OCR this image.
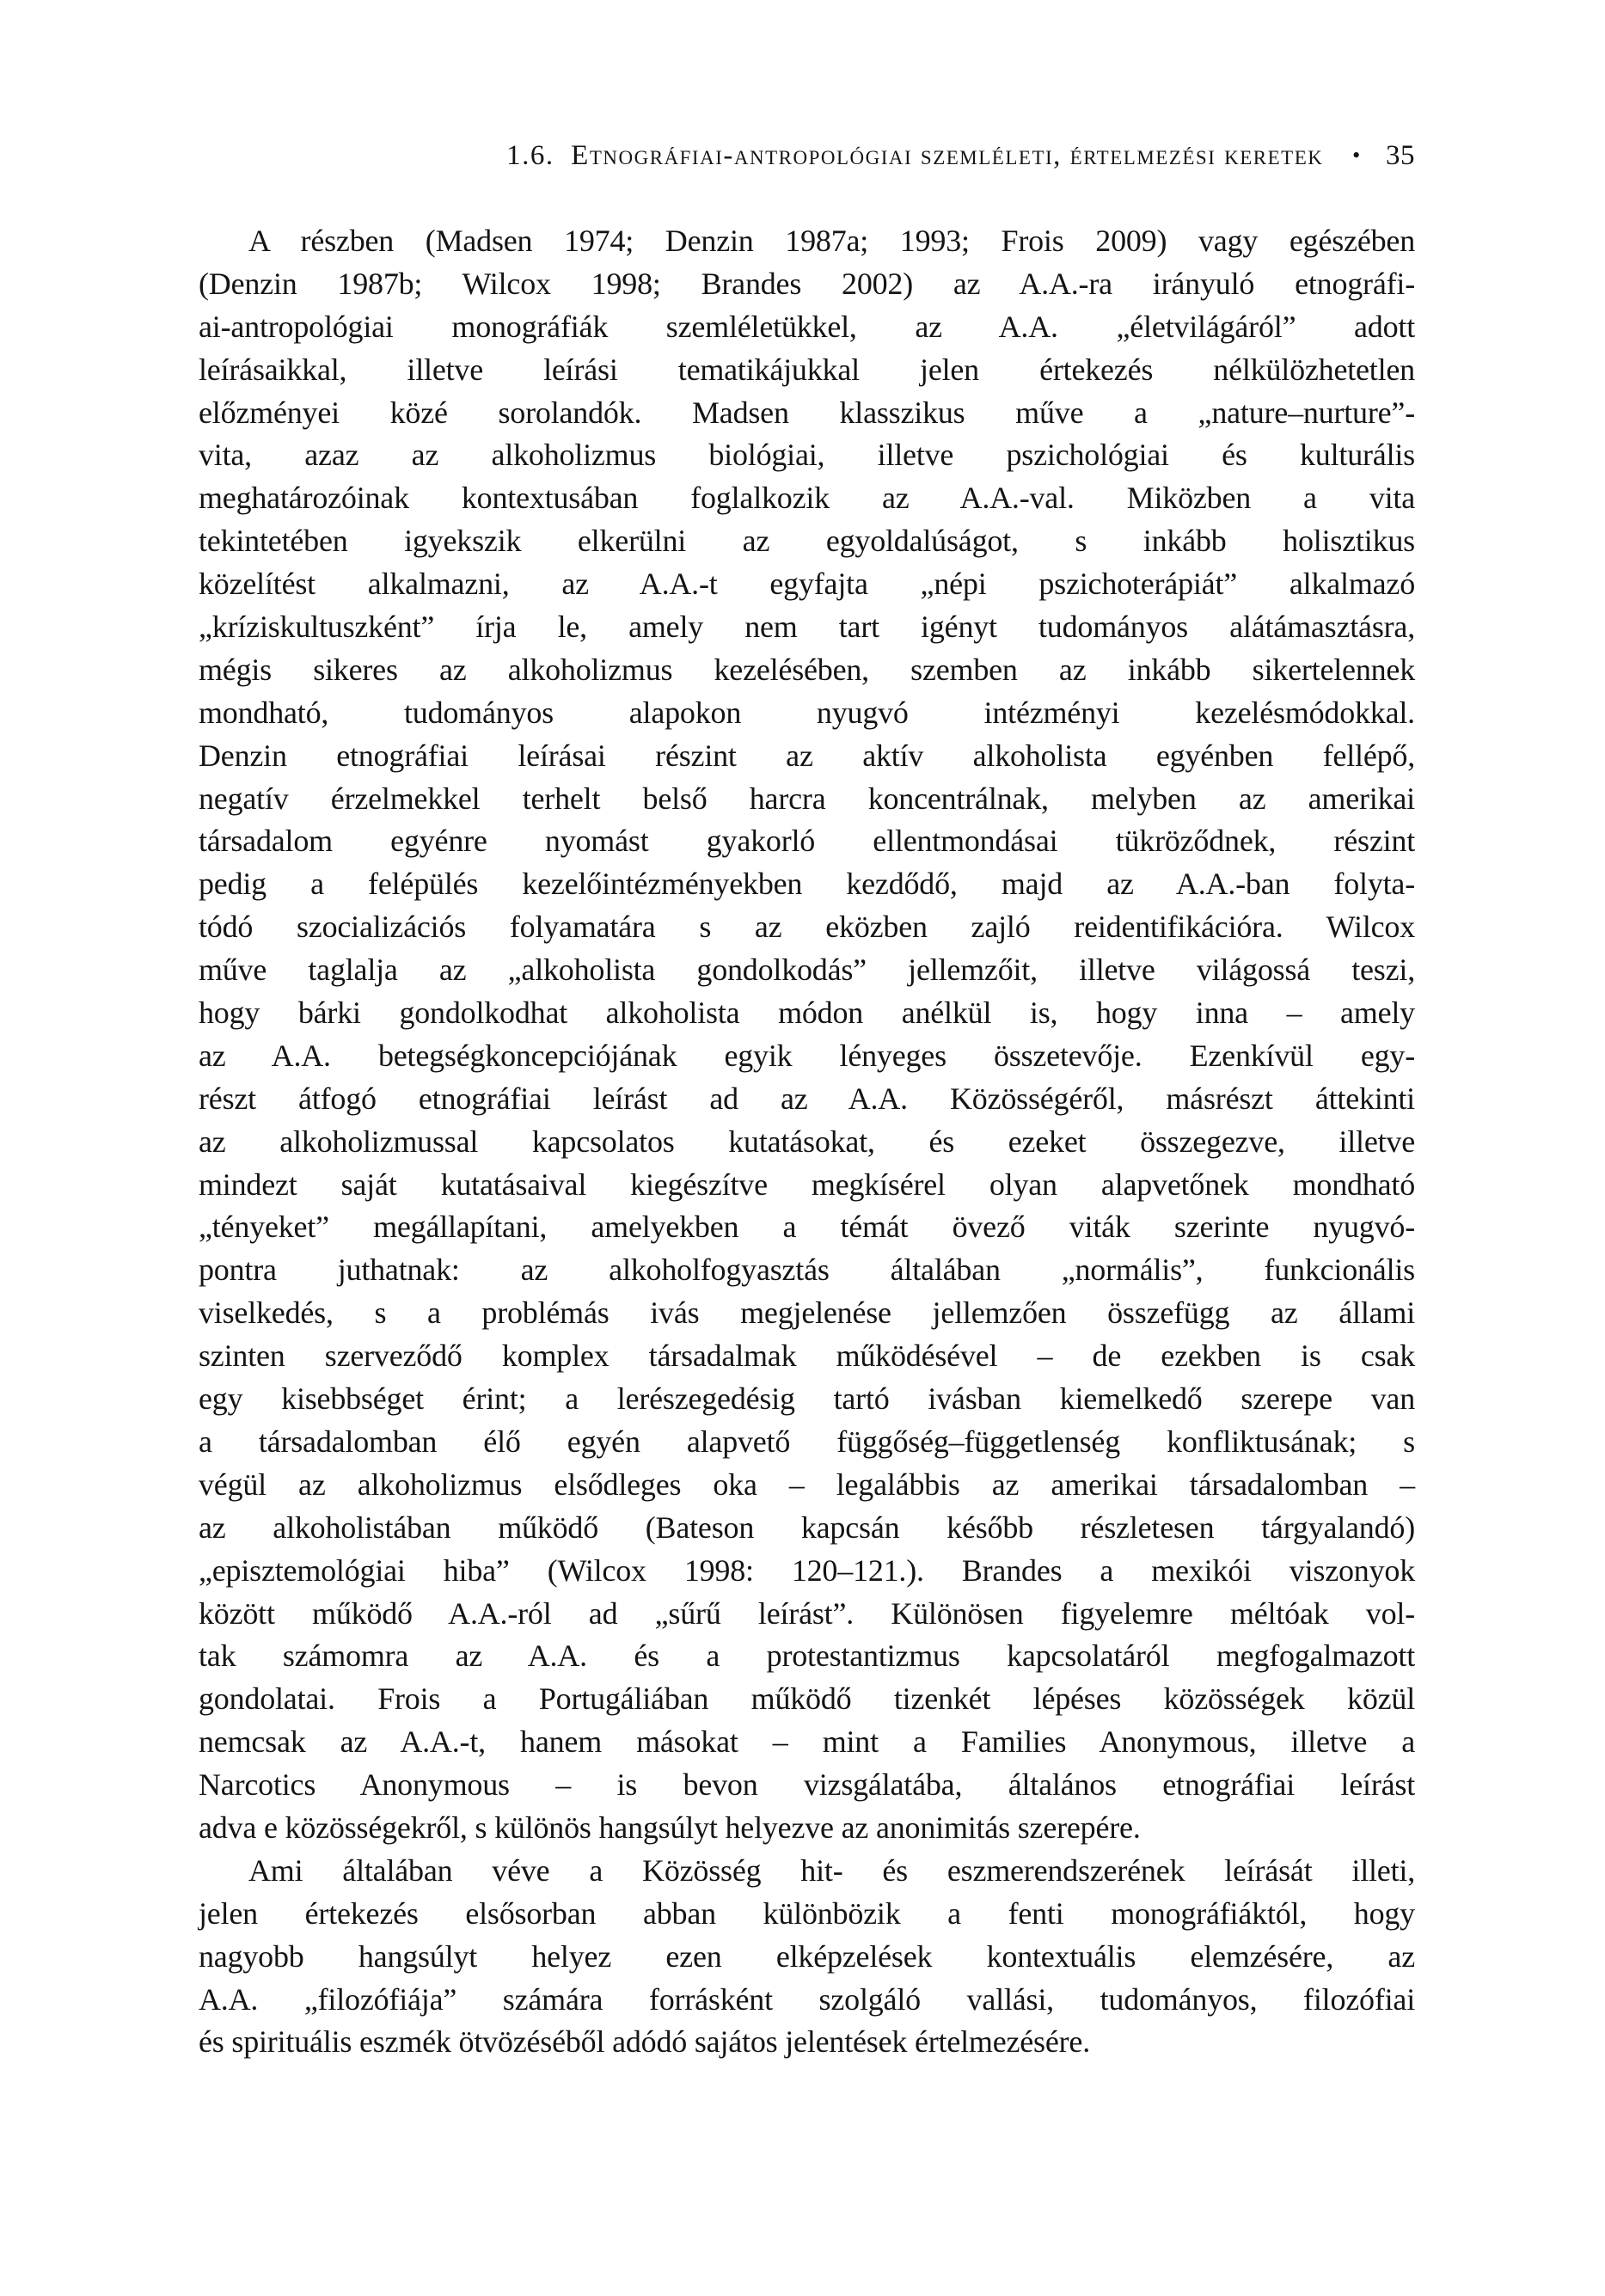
1.6.  Etnográfiai-antropológiai szemléleti, értelmezési keretek • 35
A részben (Madsen 1974; Denzin 1987a; 1993; Frois 2009) vagy egészében
(Denzin 1987b; Wilcox 1998; Brandes 2002) az A.A.-ra irányuló etnográfi-
ai-antropológiai monográfiák szemléletükkel, az A.A. „életvilágáról” adott
leírásaikkal, illetve leírási tematikájukkal jelen értekezés nélkülözhetetlen
előzményei közé sorolandók. Madsen klasszikus műve a „nature–nurture”-
vita, azaz az alkoholizmus biológiai, illetve pszichológiai és kulturális
meghatározóinak kontextusában foglalkozik az A.A.-val. Miközben a vita
tekintetében igyekszik elkerülni az egyoldalúságot, s inkább holisztikus
közelítést alkalmazni, az A.A.-t egyfajta „népi pszichoterápiát” alkalmazó
„kríziskultuszként” írja le, amely nem tart igényt tudományos alátámasztásra,
mégis sikeres az alkoholizmus kezelésében, szemben az inkább sikertelennek
mondható, tudományos alapokon nyugvó intézményi kezelésmódokkal.
Denzin etnográfiai leírásai részint az aktív alkoholista egyénben fellépő,
negatív érzelmekkel terhelt belső harcra koncentrálnak, melyben az amerikai
társadalom egyénre nyomást gyakorló ellentmondásai tükröződnek, részint
pedig a felépülés kezelőintézményekben kezdődő, majd az A.A.-ban folyta-
tódó szocializációs folyamatára s az eközben zajló reidentifikációra. Wilcox
műve taglalja az „alkoholista gondolkodás” jellemzőit, illetve világossá teszi,
hogy bárki gondolkodhat alkoholista módon anélkül is, hogy inna – amely
az A.A. betegségkoncepciójának egyik lényeges összetevője. Ezenkívül egy-
részt átfogó etnográfiai leírást ad az A.A. Közösségéről, másrészt áttekinti
az alkoholizmussal kapcsolatos kutatásokat, és ezeket összegezve, illetve
mindezt saját kutatásaival kiegészítve megkísérel olyan alapvetőnek mondható
„tényeket” megállapítani, amelyekben a témát övező viták szerinte nyugvó-
pontra juthatnak: az alkoholfogyasztás általában „normális”, funkcionális
viselkedés, s a problémás ivás megjelenése jellemzően összefügg az állami
szinten szerveződő komplex társadalmak működésével – de ezekben is csak
egy kisebbséget érint; a lerészegedésig tartó ivásban kiemelkedő szerepe van
a társadalomban élő egyén alapvető függőség–függetlenség konfliktusának; s
végül az alkoholizmus elsődleges oka – legalábbis az amerikai társadalomban –
az alkoholistában működő (Bateson kapcsán később részletesen tárgyalandó)
„episztemológiai hiba” (Wilcox 1998: 120–121.). Brandes a mexikói viszonyok
között működő A.A.-ról ad „sűrű leírást”. Különösen figyelemre méltóak vol-
tak számomra az A.A. és a protestantizmus kapcsolatáról megfogalmazott
gondolatai. Frois a Portugáliában működő tizenkét lépéses közösségek közül
nemcsak az A.A.-t, hanem másokat – mint a Families Anonymous, illetve a
Narcotics Anonymous – is bevon vizsgálatába, általános etnográfiai leírást
adva e közösségekről, s különös hangsúlyt helyezve az anonimitás szerepére.
Ami általában véve a Közösség hit- és eszmerendszerének leírását illeti,
jelen értekezés elsősorban abban különbözik a fenti monográfiáktól, hogy
nagyobb hangsúlyt helyez ezen elképzelések kontextuális elemzésére, az
A.A. „filozófiája” számára forrásként szolgáló vallási, tudományos, filozófiai
és spirituális eszmék ötvözéséből adódó sajátos jelentések értelmezésére.
